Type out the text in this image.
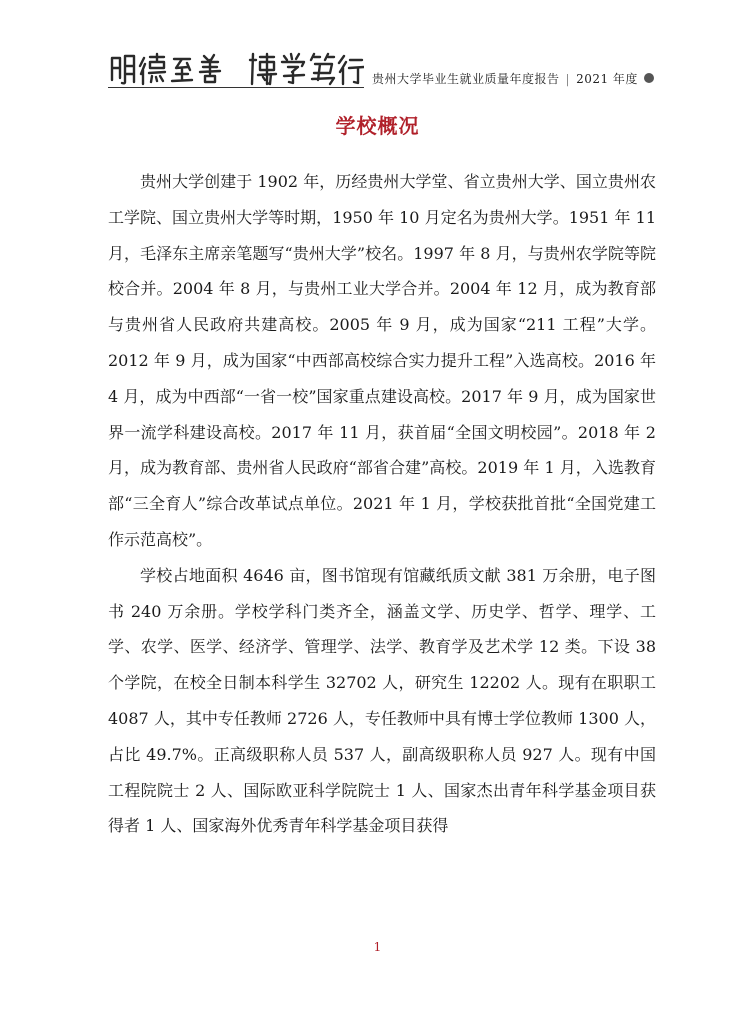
贵州大学毕业生就业质量年度报告 | 2021 年度
学校概况

贵州大学创建于 1902 年，历经贵州大学堂、省立贵州大学、国立贵州农工学院、国立贵州大学等时期，1950 年 10 月定名为贵州大学。1951 年 11 月，毛泽东主席亲笔题写“贵州大学”校名。1997 年 8 月，与贵州农学院等院校合并。2004 年 8 月，与贵州工业大学合并。2004 年 12 月，成为教育部与贵州省人民政府共建高校。2005 年 9 月，成为国家“211 工程”大学。2012 年 9 月，成为国家“中西部高校综合实力提升工程”入选高校。2016 年 4 月，成为中西部“一省一校”国家重点建设高校。2017 年 9 月，成为国家世界一流学科建设高校。2017 年 11 月，获首届“全国文明校园”。2018 年 2 月，成为教育部、贵州省人民政府“部省合建”高校。2019 年 1 月，入选教育部“三全育人”综合改革试点单位。2021 年 1 月，学校获批首批“全国党建工作示范高校”。

学校占地面积 4646 亩，图书馆现有馆藏纸质文献 381 万余册，电子图书 240 万余册。学校学科门类齐全，涵盖文学、历史学、哲学、理学、工学、农学、医学、经济学、管理学、法学、教育学及艺术学 12 类。下设 38 个学院，在校全日制本科学生 32702 人，研究生 12202 人。现有在职职工 4087 人，其中专任教师 2726 人，专任教师中具有博士学位教师 1300 人，占比 49.7%。正高级职称人员 537 人，副高级职称人员 927 人。现有中国工程院院士 2 人、国际欧亚科学院院士 1 人、国家杰出青年科学基金项目获得者 1 人、国家海外优秀青年科学基金项目获得

1
